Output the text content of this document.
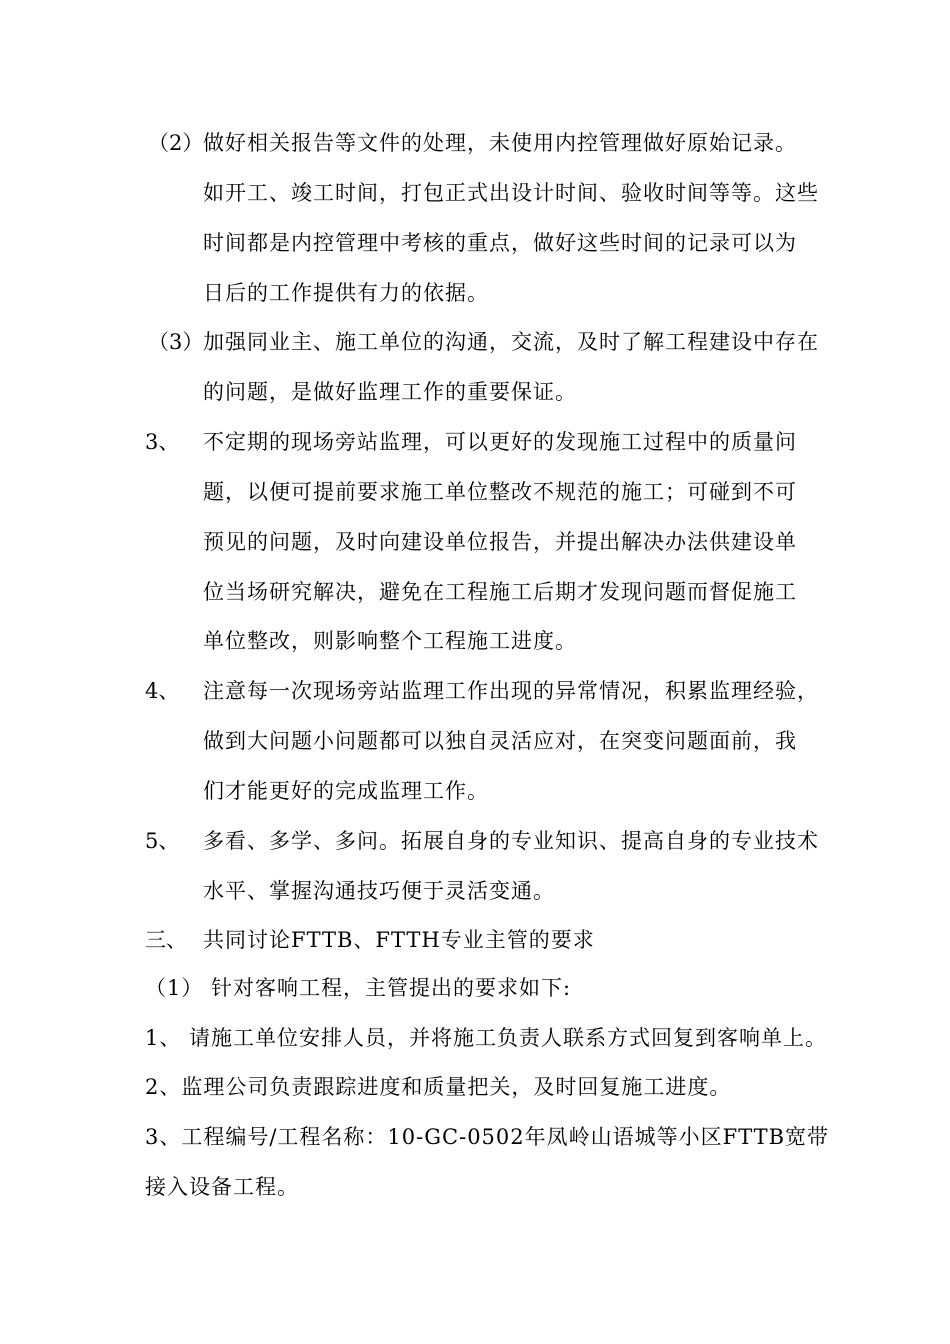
（2） 做好相关报告等文件的处理，未使用内控管理做好原始记录。
如开工、竣工时间，打包正式出设计时间、验收时间等等。这些
时间都是内控管理中考核的重点，做好这些时间的记录可以为
日后的工作提供有力的依据。
（3） 加强同业主、施工单位的沟通，交流，及时了解工程建设中存在
的问题，是做好监理工作的重要保证。
3、 不定期的现场旁站监理，可以更好的发现施工过程中的质量问
题，以便可提前要求施工单位整改不规范的施工；可碰到不可
预见的问题，及时向建设单位报告，并提出解决办法供建设单
位当场研究解决，避免在工程施工后期才发现问题而督促施工
单位整改，则影响整个工程施工进度。
4、 注意每一次现场旁站监理工作出现的异常情况，积累监理经验，
做到大问题小问题都可以独自灵活应对，在突变问题面前，我
们才能更好的完成监理工作。
5、 多看、多学、多问。拓展自身的专业知识、提高自身的专业技术
水平、掌握沟通技巧便于灵活变通。
三、 共同讨论FTTB、FTTH专业主管的要求
（1） 针对客响工程，主管提出的要求如下:
1、 请施工单位安排人员，并将施工负责人联系方式回复到客响单上。
2、监理公司负责跟踪进度和质量把关，及时回复施工进度。
3、工程编号/工程名称：10-GC-0502年凤岭山语城等小区FTTB宽带
接入设备工程。
